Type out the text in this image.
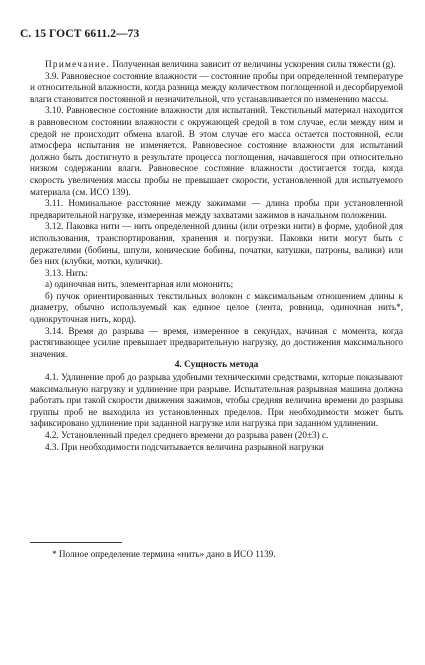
С. 15 ГОСТ 6611.2—73

Примечание. Полученная величина зависит от величины ускорения силы тяжести (g).

3.9. Равновесное состояние влажности — состояние пробы при определенной температуре и относительной влажности, когда разница между количеством поглощенной и десорбируемой влаги становится постоянной и незначительной, что устанавливается по изменению массы.

3.10. Равновесное состояние влажности для испытаний. Текстильный материал находится в равновесном состоянии влажности с окружающей средой в том случае, если между ним и средой не происходит обмена влагой. В этом случае его масса остается постоянной, если атмосфера испытания не изменяется. Равновесное состояние влажности для испытаний должно быть достигнуто в результате процесса поглощения, начавшегося при относительно низком содержании влаги. Равновесное состояние влажности достигается тогда, когда скорость увеличения массы пробы не превышает скорости, установленной для испытуемого материала (см. ИСО 139).

3.11. Номинальное расстояние между зажимами — длина пробы при установленной предварительной нагрузке, измеренная между захватами зажимов в начальном положении.

3.12. Паковка нити — нить определенной длины (или отрезки нити) в форме, удобной для использования, транспортирования, хранения и погрузки. Паковки нити могут быть с держателями (бобины, шпули, конические бобины, початки, катушки, патроны, валики) или без них (клубки, мотки, кулички).

3.13. Нить:

а) одиночная нить, элементарная или мононить;

б) пучок ориентированных текстильных волокон с максимальным отношением длины к диаметру, обычно используемый как единое целое (лента, ровница, одиночная нить*, однокруточная нить, корд).

3.14. Время до разрыва — время, измеренное в секундах, начиная с момента, когда растягивающее усилие превышает предварительную нагрузку, до достижения максимального значения.

4. Сущность метода

4.1. Удлинение проб до разрыва удобными техническими средствами, которые показывают максимальную нагрузку и удлинение при разрыве. Испытательная разрывная машина должна работать при такой скорости движения зажимов, чтобы средняя величина времени до разрыва группы проб не выходила из установленных пределов. При необходимости может быть зафиксировано удлинение при заданной нагрузке или нагрузка при заданном удлинении.

4.2. Установленный предел среднего времени до разрыва равен (20±3) с.

4.3. При необходимости подсчитывается величина разрывной нагрузки

* Полное определение термина «нить» дано в ИСО 1139.
